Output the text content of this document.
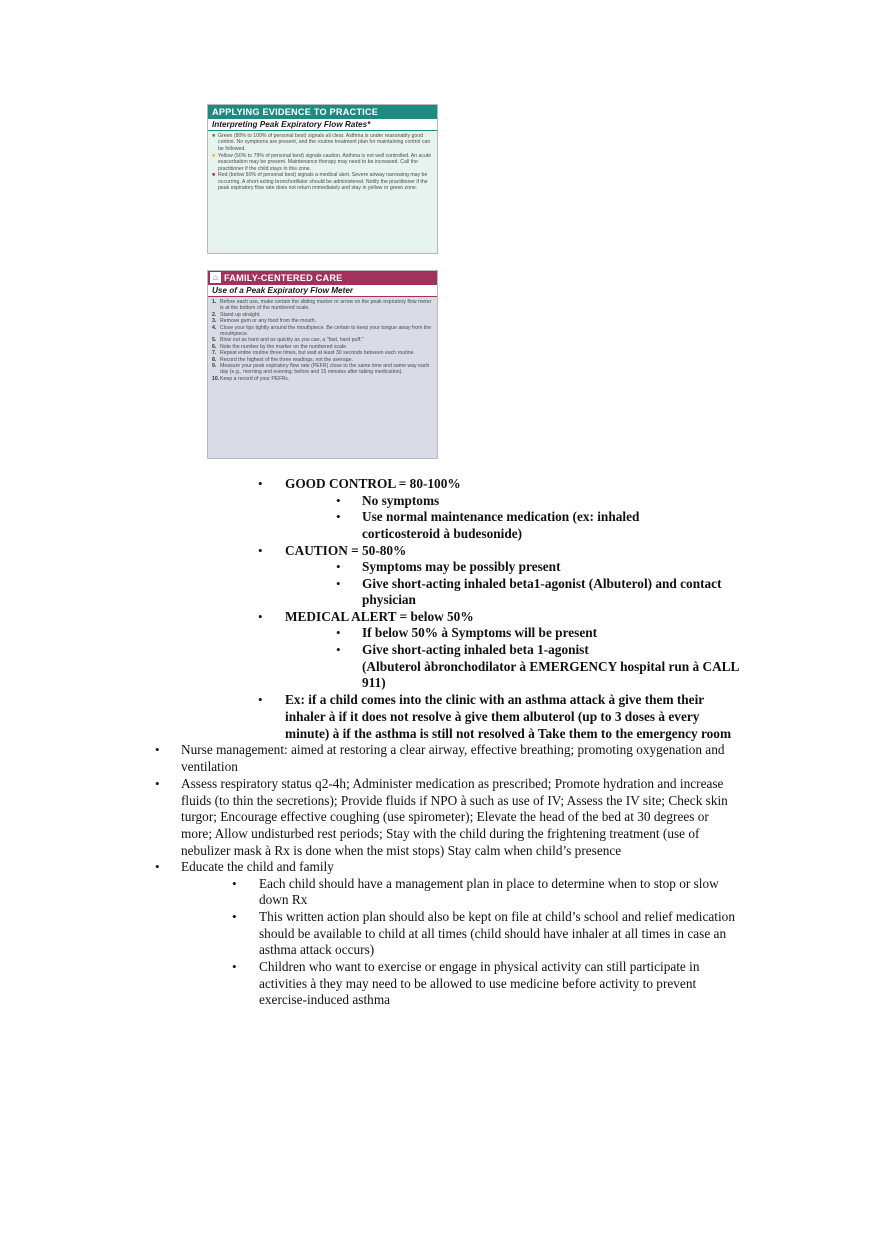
APPLYING EVIDENCE TO PRACTICE
Interpreting Peak Expiratory Flow Rates*
■ Green (80% to 100% of personal best) signals all clear. Asthma is under reasonably good control. No symptoms are present, and the routine treatment plan for maintaining control can be followed.
■ Yellow (50% to 79% of personal best) signals caution. Asthma is not well controlled. An acute exacerbation may be present. Maintenance therapy may need to be increased. Call the practitioner if the child stays in this zone.
■ Red (below 50% of personal best) signals a medical alert. Severe airway narrowing may be occurring. A short-acting bronchodilator should be administered. Notify the practitioner if the peak expiratory flow rate does not return immediately and stay in yellow or green zone.
⌂ FAMILY-CENTERED CARE
Use of a Peak Expiratory Flow Meter
1. Before each use, make certain the sliding marker or arrow on the peak expiratory flow meter is at the bottom of the numbered scale.
2. Stand up straight.
3. Remove gum or any food from the mouth.
4. Close your lips tightly around the mouthpiece. Be certain to keep your tongue away from the mouthpiece.
5. Blow out as hard and as quickly as you can, a "fast, hard puff."
6. Note the number by the marker on the numbered scale.
7. Repeat entire routine three times, but wait at least 30 seconds between each routine.
8. Record the highest of the three readings, not the average.
9. Measure your peak expiratory flow rate (PEFR) close to the same time and same way each day (e.g., morning and evening; before and 15 minutes after taking medication).
10. Keep a record of your PEFRs.
• GOOD CONTROL = 80-100%
• No symptoms
• Use normal maintenance medication (ex: inhaled
corticosteroid à budesonide)
• CAUTION = 50-80%
• Symptoms may be possibly present
• Give short-acting inhaled beta1-agonist (Albuterol) and contact
physician
• MEDICAL ALERT = below 50%
• If below 50% à Symptoms will be present
• Give short-acting inhaled beta 1-agonist
(Albuterol àbronchodilator à EMERGENCY hospital run à CALL
911)
• Ex: if a child comes into the clinic with an asthma attack à give them their
inhaler à if it does not resolve à give them albuterol (up to 3 doses à every
minute) à if the asthma is still not resolved à Take them to the emergency room
• Nurse management: aimed at restoring a clear airway, effective breathing; promoting oxygenation and
ventilation
• Assess respiratory status q2-4h; Administer medication as prescribed; Promote hydration and increase
fluids (to thin the secretions); Provide fluids if NPO à such as use of IV; Assess the IV site; Check skin
turgor; Encourage effective coughing (use spirometer); Elevate the head of the bed at 30 degrees or
more; Allow undisturbed rest periods; Stay with the child during the frightening treatment (use of
nebulizer mask à Rx is done when the mist stops) Stay calm when child’s presence
• Educate the child and family
• Each child should have a management plan in place to determine when to stop or slow
down Rx
• This written action plan should also be kept on file at child’s school and relief medication
should be available to child at all times (child should have inhaler at all times in case an
asthma attack occurs)
• Children who want to exercise or engage in physical activity can still participate in
activities à they may need to be allowed to use medicine before activity to prevent
exercise-induced asthma
